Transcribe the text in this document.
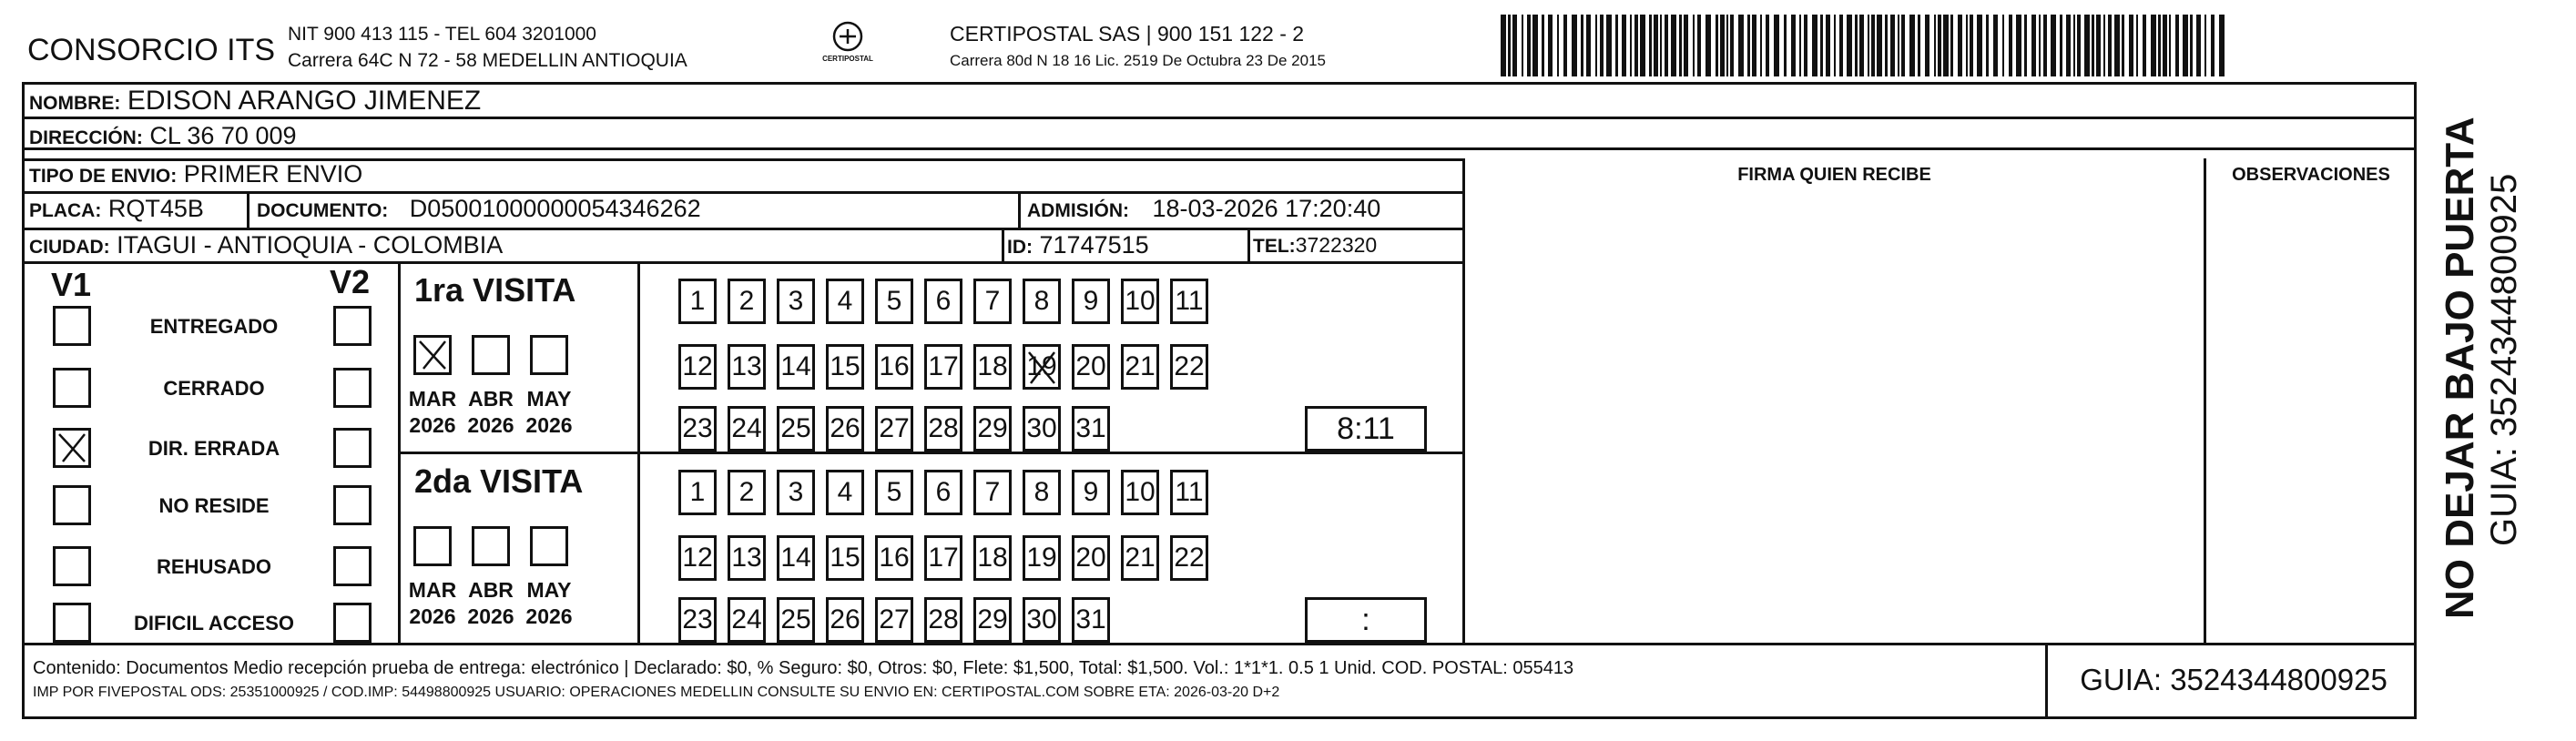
CONSORCIO ITS NIT 900 413 115 - TEL 604 3201000
Carrera 64C N 72 - 58 MEDELLIN ANTIOQUIA	CERTIPOSTAL
CERTIPOSTAL SAS | 900 151 122 - 2
Carrera 80d N 18 16 Lic. 2519 De Octubra 23 De 2015
NOMBRE: EDISON ARANGO JIMENEZ
DIRECCIÓN: CL 36 70 009
TIPO DE ENVIO: PRIMER ENVIO	FIRMA QUIEN RECIBE	OBSERVACIONES
PLACA: RQT45B	DOCUMENTO: D05001000000054346262	ADMISIÓN: 18-03-2026 17:20:40
CIUDAD: ITAGUI - ANTIOQUIA - COLOMBIA	ID: 71747515	TEL:3722320
V1	V2
ENTREGADO
CERRADO
DIR. ERRADA
NO RESIDE
REHUSADO
DIFICIL ACCESO
1ra VISITA
MAR
2026
ABR
2026
MAY
2026
1	2	3	4	5	6	7	8	9 10 11
12 13 14 15 16 17 18 19 20 21 22
23 24 25 26 27 28 29 30 31	8:11
2da VISITA
MAR
2026
ABR
2026
MAY
2026
1	2	3	4	5	6	7	8	9 10 11
12 13 14 15 16 17 18 19 20 21 22
23 24 25 26 27 28 29 30 31	:
Contenido: Documentos Medio recepción prueba de entrega: electrónico | Declarado: $0, % Seguro: $0, Otros: $0, Flete: $1,500, Total: $1,500. Vol.: 1*1*1. 0.5 1 Unid. COD. POSTAL: 055413
IMP POR FIVEPOSTAL ODS: 25351000925 / COD.IMP: 54498800925 USUARIO: OPERACIONES MEDELLIN CONSULTE SU ENVIO EN: CERTIPOSTAL.COM SOBRE ETA: 2026-03-20 D+2	GUIA: 3524344800925
NO DEJAR BAJO PUERTA GUIA: 3524344800925
